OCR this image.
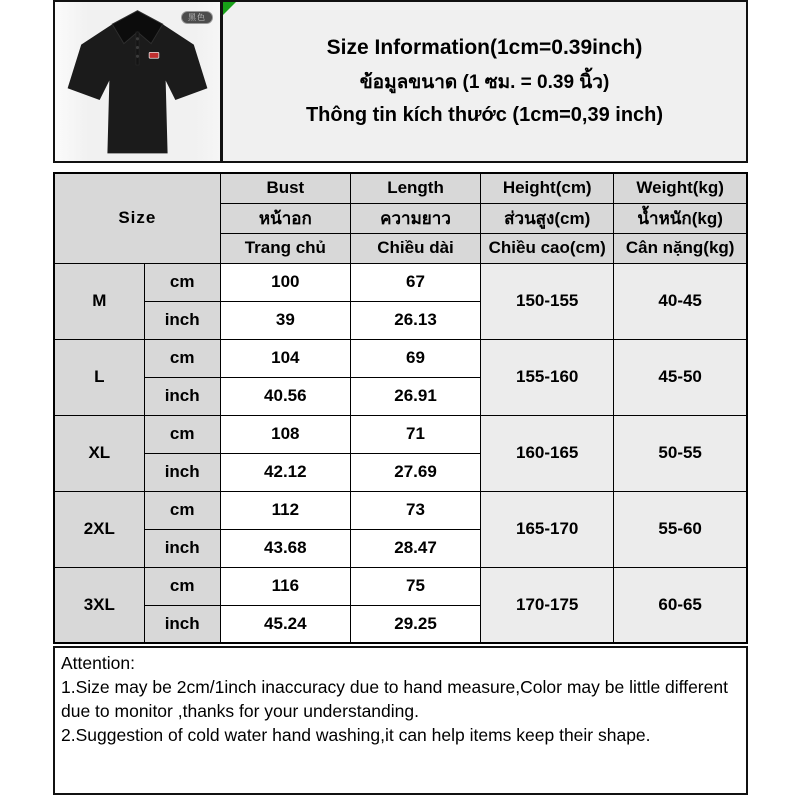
黑色
Size Information(1cm=0.39inch)
ข้อมูลขนาด (1 ซม. = 0.39 นิ้ว)
Thông tin kích thước (1cm=0,39 inch)
Size		Bust	Length	Height(cm)	Weight(kg)
		หน้าอก	ความยาว	ส่วนสูง(cm)	น้ำหนัก(kg)
		Trang chủ	Chiều dài	Chiều cao(cm)	Cân nặng(kg)
M	cm	100	67	150-155	40-45
	inch	39	26.13		
L	cm	104	69	155-160	45-50
	inch	40.56	26.91		
XL	cm	108	71	160-165	50-55
	inch	42.12	27.69		
2XL	cm	112	73	165-170	55-60
	inch	43.68	28.47		
3XL	cm	116	75	170-175	60-65
	inch	45.24	29.25		
Attention:
1.Size may be 2cm/1inch inaccuracy due to hand measure,Color may be little different due to monitor ,thanks for your understanding.
2.Suggestion of cold water hand washing,it can help items keep their shape.
